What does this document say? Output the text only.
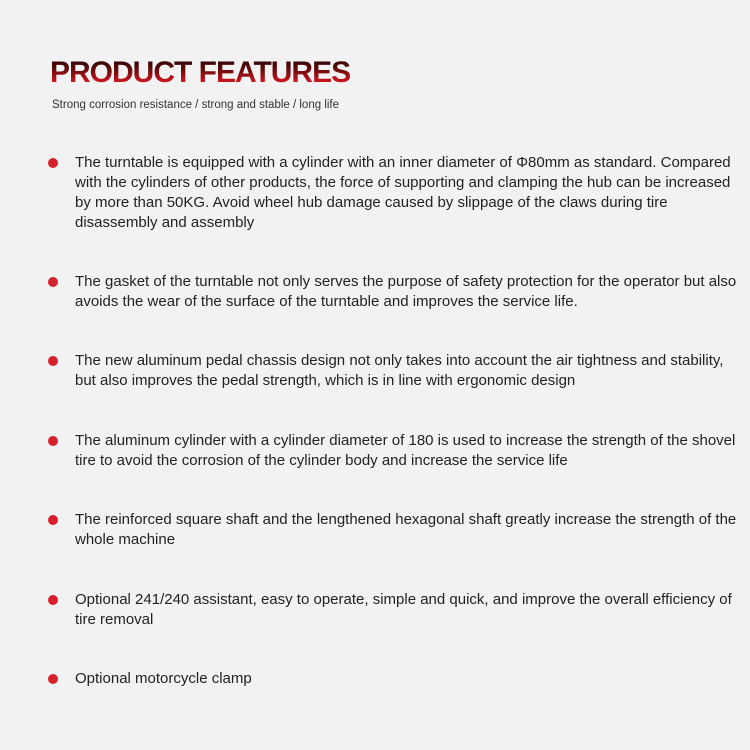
PRODUCT FEATURES

Strong corrosion resistance / strong and stable / long life

The turntable is equipped with a cylinder with an inner diameter of Φ80mm as standard. Compared with the cylinders of other products, the force of supporting and clamping the hub can be increased by more than 50KG. Avoid wheel hub damage caused by slippage of the claws during tire disassembly and assembly
The gasket of the turntable not only serves the purpose of safety protection for the operator but also avoids the wear of the surface of the turntable and improves the service life.
The new aluminum pedal chassis design not only takes into account the air tightness and stability, but also improves the pedal strength, which is in line with ergonomic design
The aluminum cylinder with a cylinder diameter of 180 is used to increase the strength of the shovel tire to avoid the corrosion of the cylinder body and increase the service life
The reinforced square shaft and the lengthened hexagonal shaft greatly increase the strength of the whole machine
Optional 241/240 assistant, easy to operate, simple and quick, and improve the overall efficiency of tire removal
Optional motorcycle clamp
